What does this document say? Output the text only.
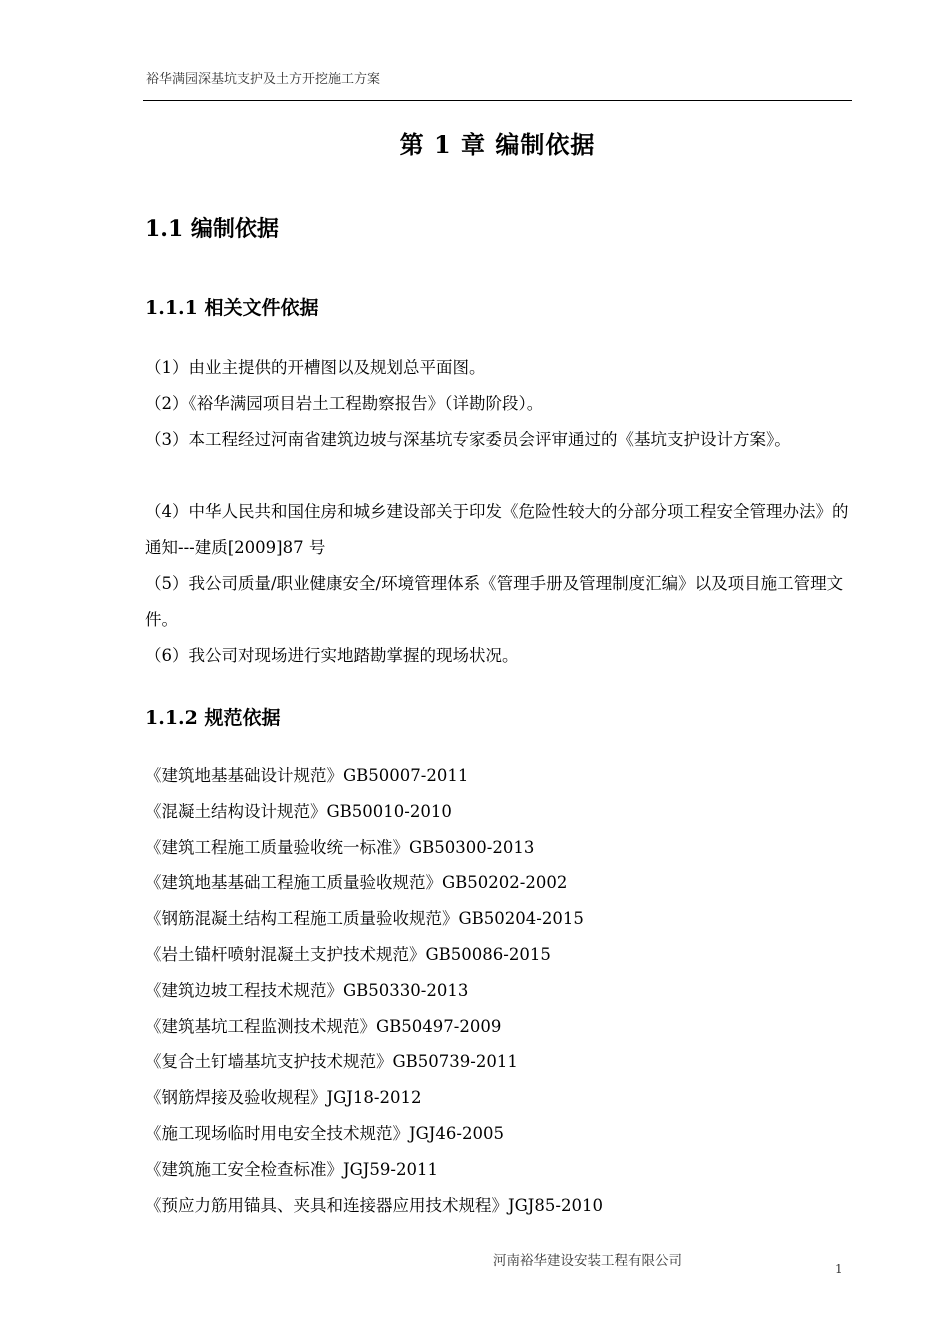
裕华满园深基坑支护及土方开挖施工方案
第 1 章 编制依据
1.1 编制依据
1.1.1 相关文件依据
（1）由业主提供的开槽图以及规划总平面图。
（2）《裕华满园项目岩土工程勘察报告》（详勘阶段）。
（3）本工程经过河南省建筑边坡与深基坑专家委员会评审通过的《基坑支护设计方案》。
（4）中华人民共和国住房和城乡建设部关于印发《危险性较大的分部分项工程安全管理办法》的通知---建质[2009]87 号
（5）我公司质量/职业健康安全/环境管理体系《管理手册及管理制度汇编》以及项目施工管理文件。
（6）我公司对现场进行实地踏勘掌握的现场状况。
1.1.2 规范依据
《建筑地基基础设计规范》GB50007-2011
《混凝土结构设计规范》GB50010-2010
《建筑工程施工质量验收统一标准》GB50300-2013
《建筑地基基础工程施工质量验收规范》GB50202-2002
《钢筋混凝土结构工程施工质量验收规范》GB50204-2015
《岩土锚杆喷射混凝土支护技术规范》GB50086-2015
《建筑边坡工程技术规范》GB50330-2013
《建筑基坑工程监测技术规范》GB50497-2009
《复合土钉墙基坑支护技术规范》GB50739-2011
《钢筋焊接及验收规程》JGJ18-2012
《施工现场临时用电安全技术规范》JGJ46-2005
《建筑施工安全检查标准》JGJ59-2011
《预应力筋用锚具、夹具和连接器应用技术规程》JGJ85-2010
河南裕华建设安装工程有限公司	1
